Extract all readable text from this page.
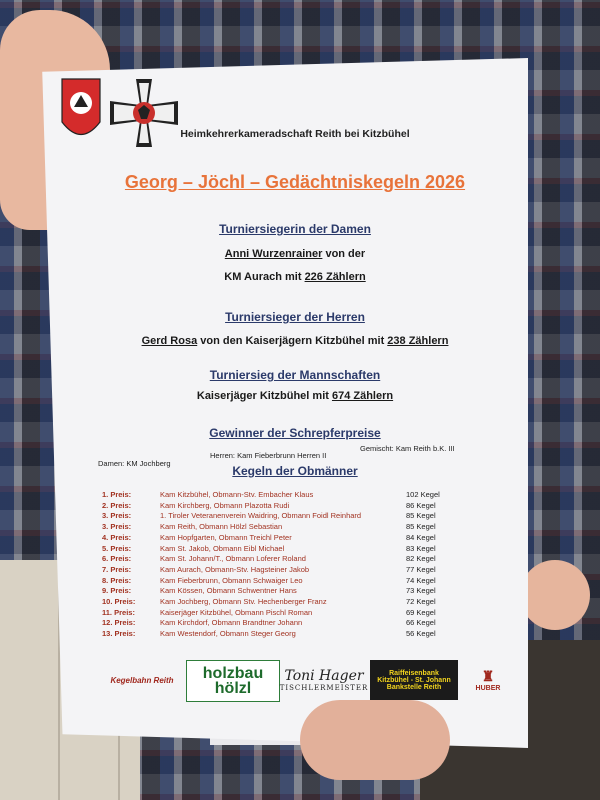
Heimkehrerkameradschaft Reith bei Kitzbühel
Georg – Jöchl – Gedächtniskegeln 2026
Turniersiegerin der Damen
Anni Wurzenrainer von der
KM Aurach mit 226 Zählern
Turniersieger der Herren
Gerd Rosa von den Kaiserjägern Kitzbühel mit 238 Zählern
Turniersieg der Mannschaften
Kaiserjäger Kitzbühel mit 674 Zählern
Gewinner der Schrepferpreise
Damen: KM Jochberg
Herren: Kam Fieberbrunn Herren II
Gemischt: Kam Reith b.K. III
Kegeln der Obmänner
1. Preis:	Kam Kitzbühel, Obmann-Stv. Embacher Klaus	102 Kegel
2. Preis:	Kam Kirchberg, Obmann Plazotta Rudi	86 Kegel
3. Preis:	1. Tiroler Veteranenverein Waidring, Obmann Foidl Reinhard	85 Kegel
3. Preis:	Kam Reith, Obmann Hölzl Sebastian	85 Kegel
4. Preis:	Kam Hopfgarten, Obmann Treichl Peter	84 Kegel
5. Preis:	Kam St. Jakob, Obmann Eibl Michael	83 Kegel
6. Preis:	Kam St. Johann/T., Obmann Loferer Roland	82 Kegel
7. Preis:	Kam Aurach, Obmann-Stv. Hagsteiner Jakob	77 Kegel
8. Preis:	Kam Fieberbrunn, Obmann Schwaiger Leo	74 Kegel
9. Preis:	Kam Kössen, Obmann Schwentner Hans	73 Kegel
10. Preis:	Kam Jochberg, Obmann Stv. Hechenberger Franz	72 Kegel
11. Preis:	Kaiserjäger Kitzbühel, Obmann Pischl Roman	69 Kegel
12. Preis:	Kam Kirchdorf, Obmann Brandtner Johann	66 Kegel
13. Preis:	Kam Westendorf, Obmann Steger Georg	56 Kegel
Kegelbahn Reith	holzbau
hölzl
Toni Hager
TISCHLERMEISTER
Raiffeisenbank
Kitzbühel - St. Johann
Bankstelle Reith
♜
HUBER
